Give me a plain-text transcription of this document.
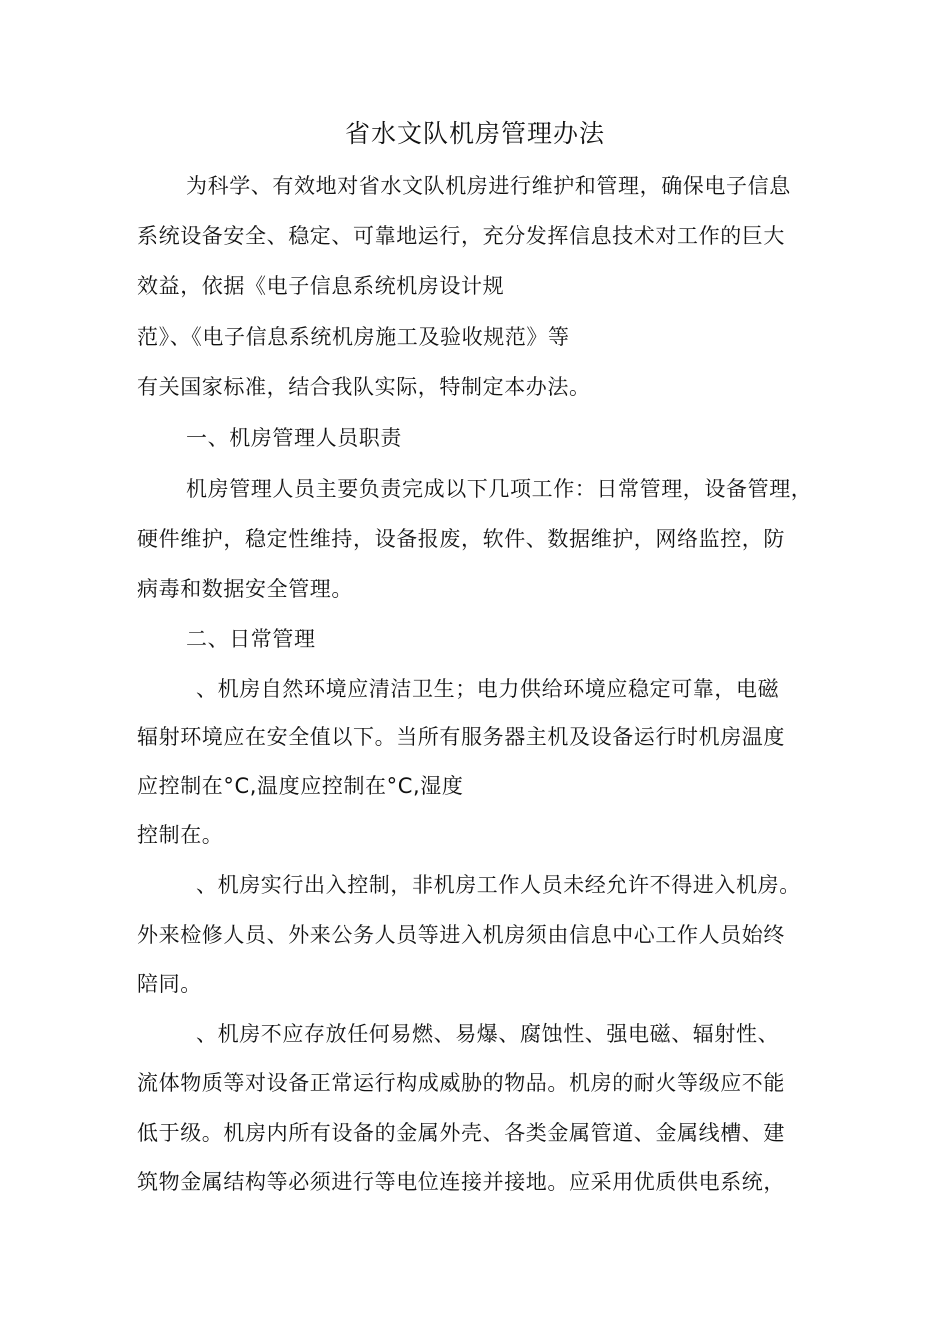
省水文队机房管理办法
为科学、有效地对省水文队机房进行维护和管理，确保电子信息
系统设备安全、稳定、可靠地运行，充分发挥信息技术对工作的巨大
效益，依据《电子信息系统机房设计规
范》、《电子信息系统机房施工及验收规范》等
有关国家标准，结合我队实际，特制定本办法。
一、机房管理人员职责
机房管理人员主要负责完成以下几项工作：日常管理，设备管理，
硬件维护，稳定性维持，设备报废，软件、数据维护，网络监控，防
病毒和数据安全管理。
二、日常管理
、机房自然环境应清洁卫生；电力供给环境应稳定可靠，电磁
辐射环境应在安全值以下。当所有服务器主机及设备运行时机房温度
应控制在°C,温度应控制在°C,湿度
控制在。
、机房实行出入控制，非机房工作人员未经允许不得进入机房。
外来检修人员、外来公务人员等进入机房须由信息中心工作人员始终
陪同。
、机房不应存放任何易燃、易爆、腐蚀性、强电磁、辐射性、
流体物质等对设备正常运行构成威胁的物品。机房的耐火等级应不能
低于级。机房内所有设备的金属外壳、各类金属管道、金属线槽、建
筑物金属结构等必须进行等电位连接并接地。应采用优质供电系统，
